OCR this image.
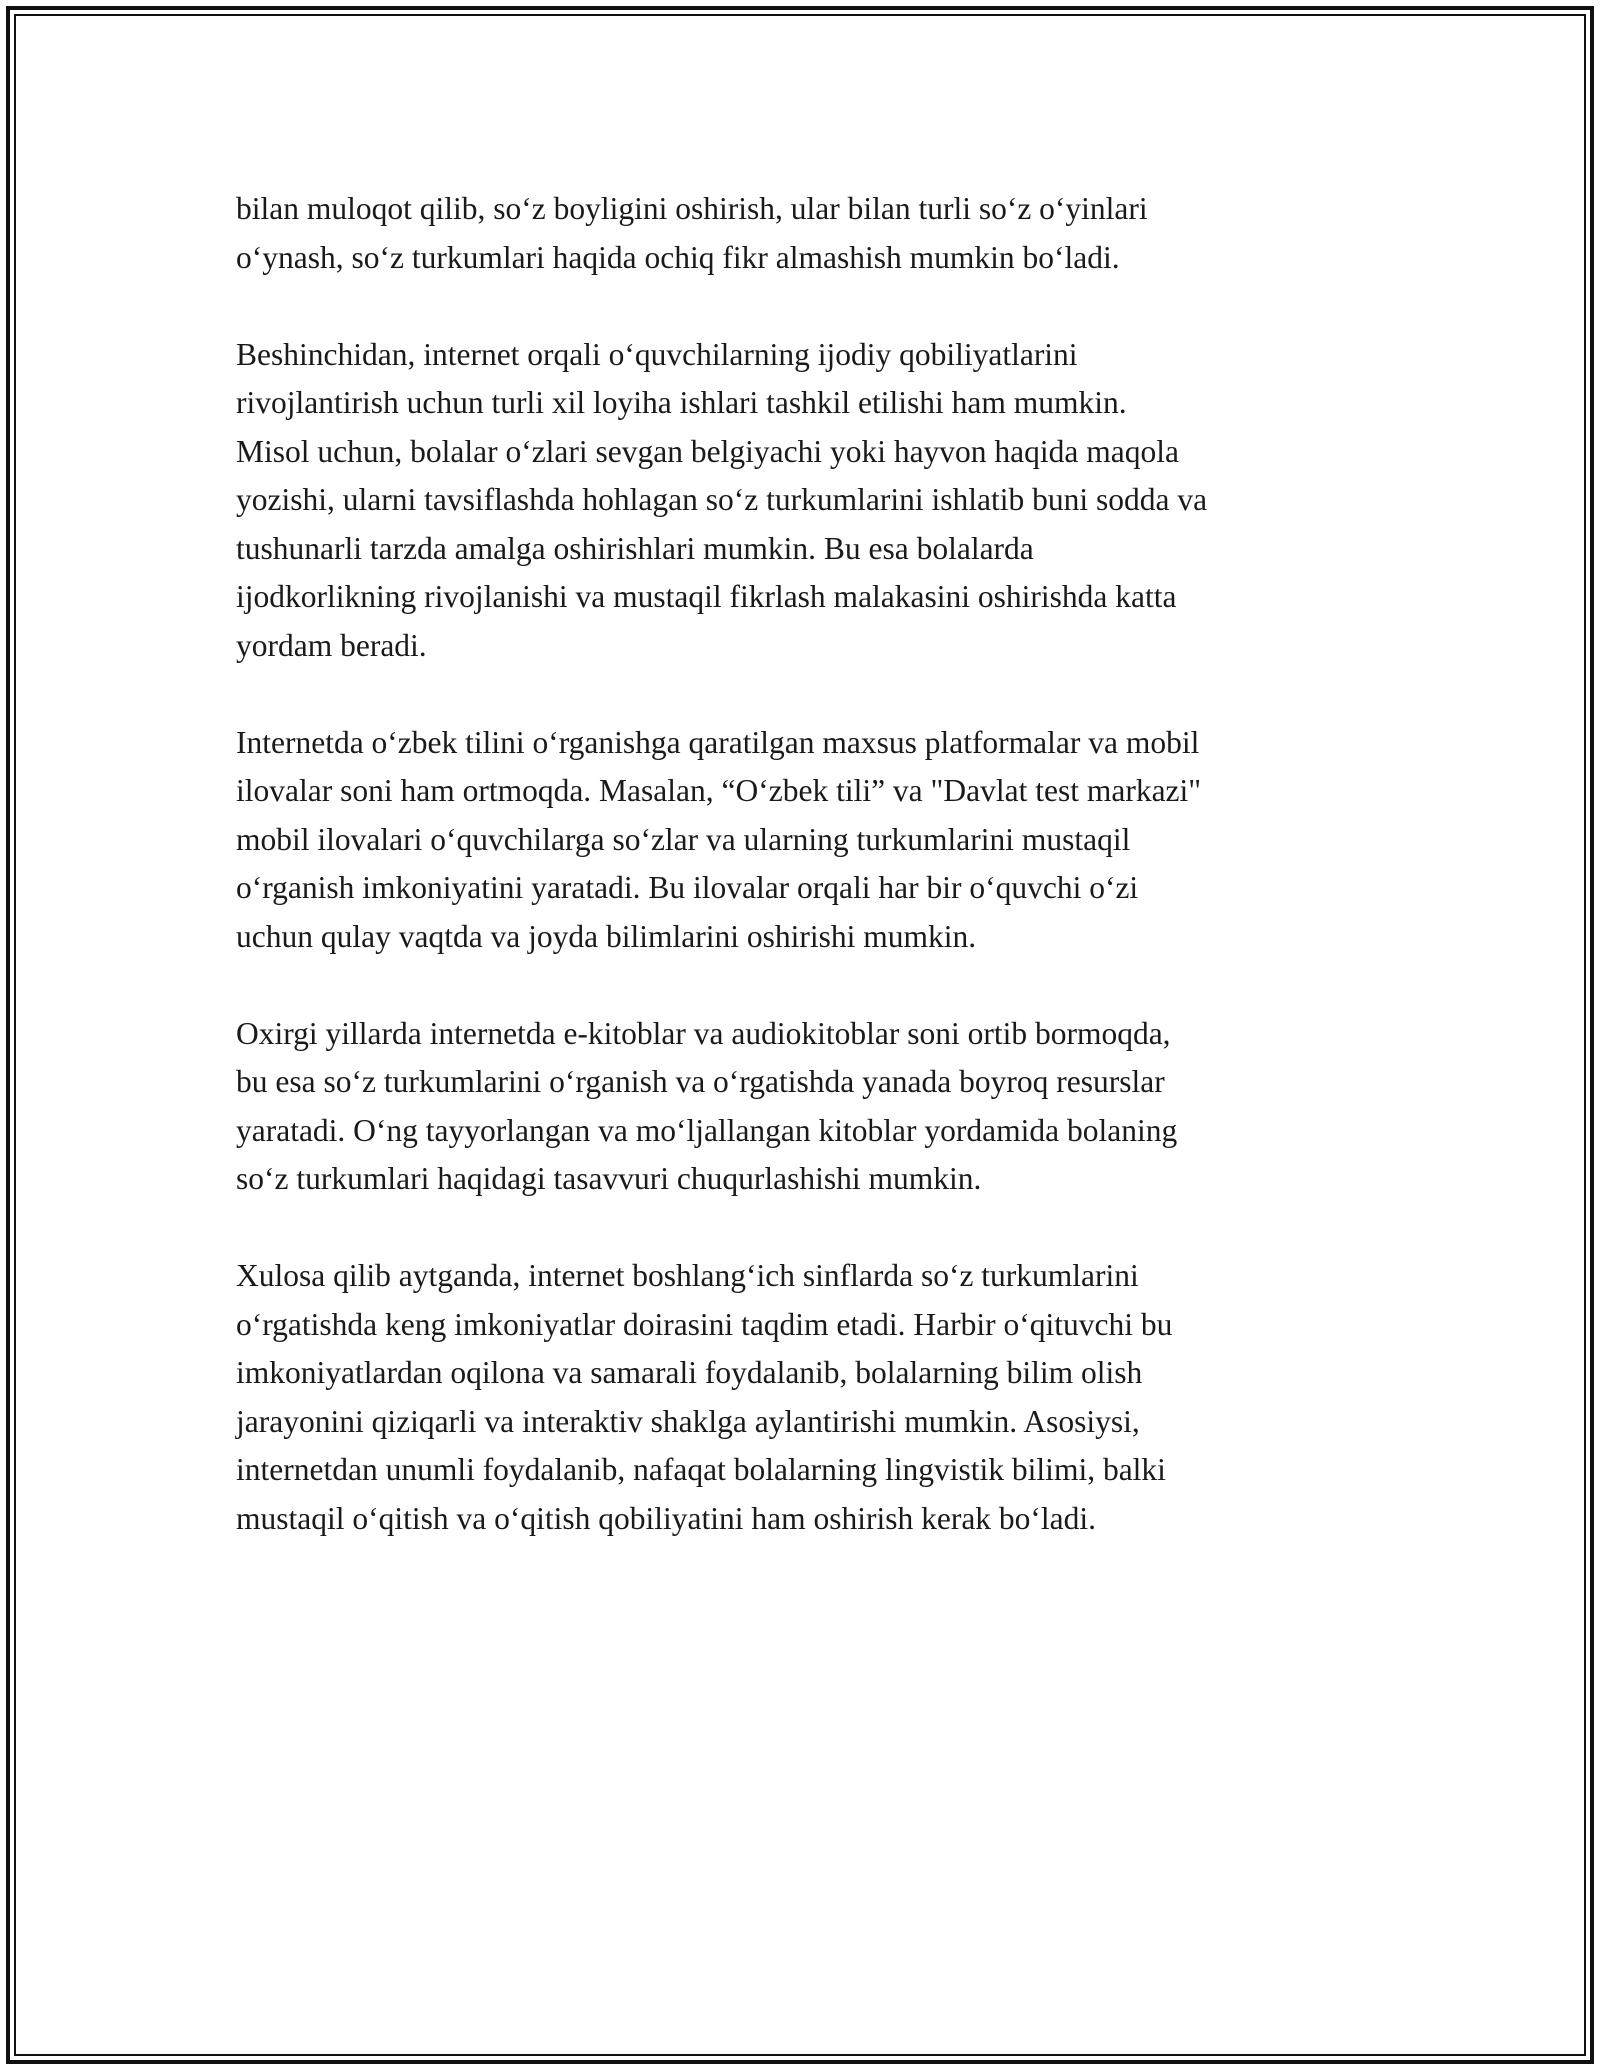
bilan muloqot qilib, so‘z boyligini oshirish, ular bilan turli so‘z o‘yinlari
o‘ynash, so‘z turkumlari haqida ochiq fikr almashish mumkin bo‘ladi.

Beshinchidan, internet orqali o‘quvchilarning ijodiy qobiliyatlarini
rivojlantirish uchun turli xil loyiha ishlari tashkil etilishi ham mumkin.
Misol uchun, bolalar o‘zlari sevgan belgiyachi yoki hayvon haqida maqola
yozishi, ularni tavsiflashda hohlagan so‘z turkumlarini ishlatib buni sodda va
tushunarli tarzda amalga oshirishlari mumkin. Bu esa bolalarda
ijodkorlikning rivojlanishi va mustaqil fikrlash malakasini oshirishda katta
yordam beradi.

Internetda o‘zbek tilini o‘rganishga qaratilgan maxsus platformalar va mobil
ilovalar soni ham ortmoqda. Masalan, “O‘zbek tili” va "Davlat test markazi"
mobil ilovalari o‘quvchilarga so‘zlar va ularning turkumlarini mustaqil
o‘rganish imkoniyatini yaratadi. Bu ilovalar orqali har bir o‘quvchi o‘zi
uchun qulay vaqtda va joyda bilimlarini oshirishi mumkin.

Oxirgi yillarda internetda e-kitoblar va audiokitoblar soni ortib bormoqda,
bu esa so‘z turkumlarini o‘rganish va o‘rgatishda yanada boyroq resurslar
yaratadi. O‘ng tayyorlangan va mo‘ljallangan kitoblar yordamida bolaning
so‘z turkumlari haqidagi tasavvuri chuqurlashishi mumkin.

Xulosa qilib aytganda, internet boshlang‘ich sinflarda so‘z turkumlarini
o‘rgatishda keng imkoniyatlar doirasini taqdim etadi. Harbir o‘qituvchi bu
imkoniyatlardan oqilona va samarali foydalanib, bolalarning bilim olish
jarayonini qiziqarli va interaktiv shaklga aylantirishi mumkin. Asosiysi,
internetdan unumli foydalanib, nafaqat bolalarning lingvistik bilimi, balki
mustaqil o‘qitish va o‘qitish qobiliyatini ham oshirish kerak bo‘ladi.
